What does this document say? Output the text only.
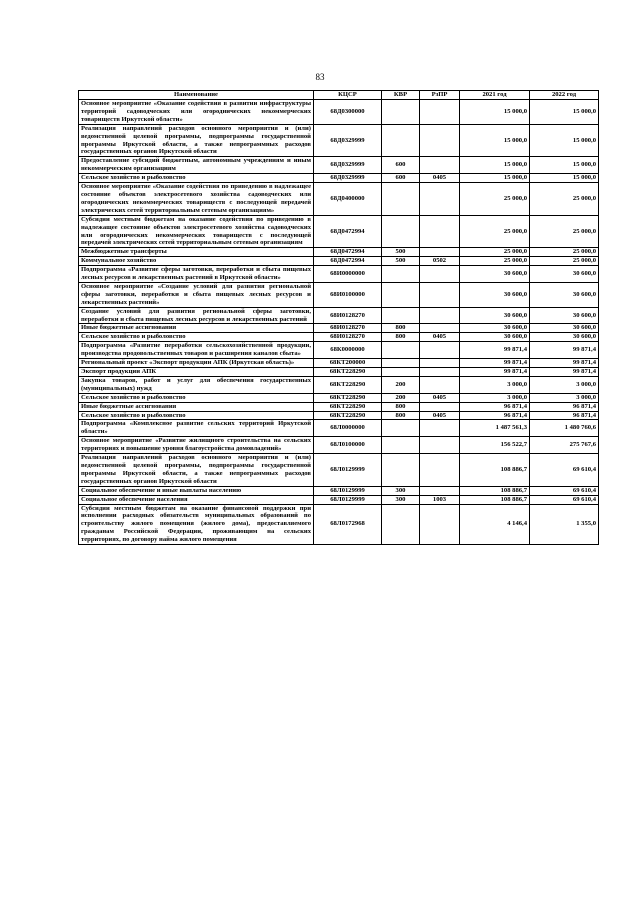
83
Наименование	КЦСР	КВР	РзПР	2021 год	2022 год
Основное мероприятие «Оказание содействия в развитии инфраструктуры территорий садоводческих или огороднических некоммерческих товариществ Иркутской области»	68Д0300000			15 000,0	15 000,0
Реализация направлений расходов основного мероприятия и (или) ведомственной целевой программы, подпрограммы государственной программы Иркутской области, а также непрограммных расходов государственных органов Иркутской области	68Д0329999			15 000,0	15 000,0
Предоставление субсидий бюджетным, автономным учреждениям и иным некоммерческим организациям	68Д0329999	600		15 000,0	15 000,0
Сельское хозяйство и рыболовство	68Д0329999	600	0405	15 000,0	15 000,0
Основное мероприятие «Оказание содействия по приведению в надлежащее состояние объектов электросетевого хозяйства садоводческих или огороднических некоммерческих товариществ с последующей передачей электрических сетей территориальным сетевым организациям»	68Д0400000			25 000,0	25 000,0
Субсидии местным бюджетам на оказание содействия по приведению в надлежащее состояние объектов электросетевого хозяйства садоводческих или огороднических некоммерческих товариществ с последующей передачей электрических сетей территориальным сетевым организациям	68Д0472994			25 000,0	25 000,0
Межбюджетные трансферты	68Д0472994	500		25 000,0	25 000,0
Коммунальное хозяйство	68Д0472994	500	0502	25 000,0	25 000,0
Подпрограмма «Развитие сферы заготовки, переработки и сбыта пищевых лесных ресурсов и лекарственных растений в Иркутской области»	68И0000000			30 600,0	30 600,0
Основное мероприятие «Создание условий для развития региональной сферы заготовки, переработки и сбыта пищевых лесных ресурсов и лекарственных растений»	68И0100000			30 600,0	30 600,0
Создание условий для развития региональной сферы заготовки, переработки и сбыта пищевых лесных ресурсов и лекарственных растений	68И0128270			30 600,0	30 600,0
Иные бюджетные ассигнования	68И0128270	800		30 600,0	30 600,0
Сельское хозяйство и рыболовство	68И0128270	800	0405	30 600,0	30 600,0
Подпрограмма «Развитие переработки сельскохозяйственной продукции, производства продовольственных товаров и расширения каналов сбыта»	68К0000000			99 871,4	99 871,4
Региональный проект «Экспорт продукции АПК (Иркутская область)»	68КТ200000			99 871,4	99 871,4
Экспорт продукции АПК	68КТ228290			99 871,4	99 871,4
Закупка товаров, работ и услуг для обеспечения государственных (муниципальных) нужд	68КТ228290	200		3 000,0	3 000,0
Сельское хозяйство и рыболовство	68КТ228290	200	0405	3 000,0	3 000,0
Иные бюджетные ассигнования	68КТ228290	800		96 871,4	96 871,4
Сельское хозяйство и рыболовство	68КТ228290	800	0405	96 871,4	96 871,4
Подпрограмма «Комплексное развитие сельских территорий Иркутской области»	68Л0000000			1 487 561,3	1 480 760,6
Основное мероприятие «Развитие жилищного строительства на сельских территориях и повышение уровня благоустройства домовладений»	68Л0100000			156 522,7	275 767,6
Реализация направлений расходов основного мероприятия и (или) ведомственной целевой программы, подпрограммы государственной программы Иркутской области, а также непрограммных расходов государственных органов Иркутской области	68Л0129999			108 886,7	69 610,4
Социальное обеспечение и иные выплаты населению	68Л0129999	300		108 886,7	69 610,4
Социальное обеспечение населения	68Л0129999	300	1003	108 886,7	69 610,4
Субсидии местным бюджетам на оказание финансовой поддержки при исполнении расходных обязательств муниципальных образований по строительству жилого помещения (жилого дома), предоставляемого гражданам Российской Федерации, проживающим на сельских территориях, по договору найма жилого помещения	68Л0172968			4 146,4	1 355,0
